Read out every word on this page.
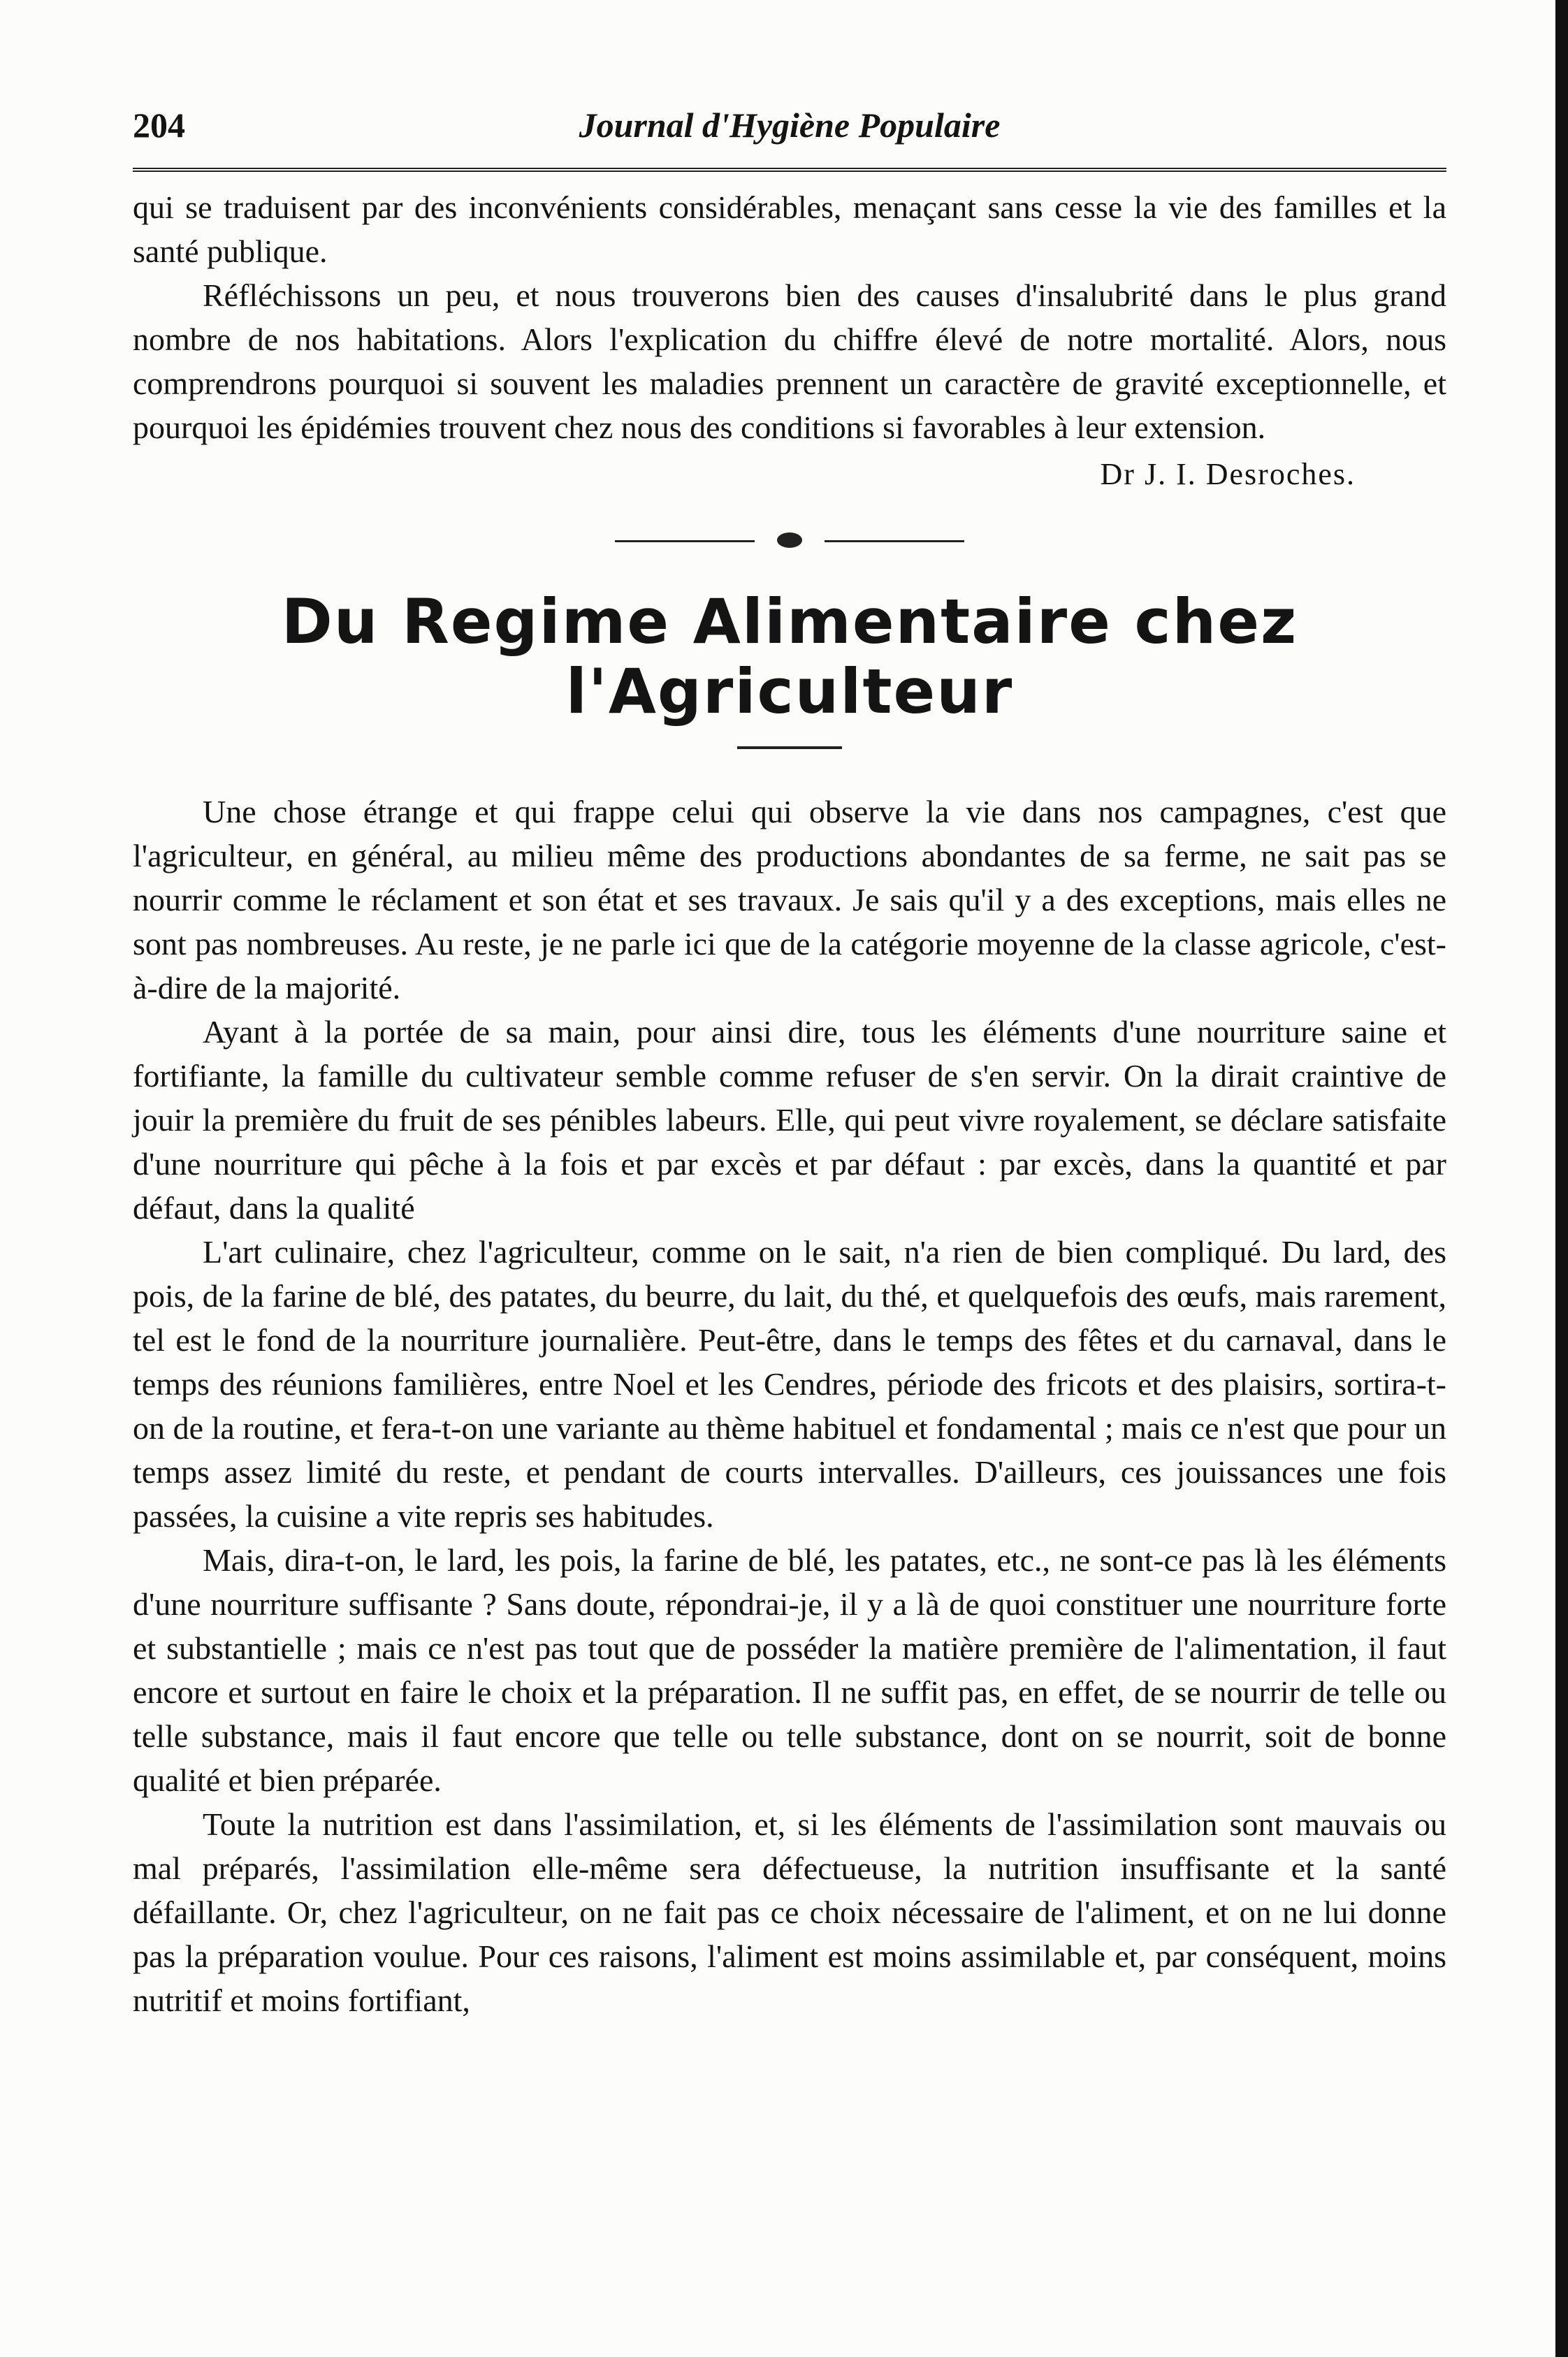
204	Journal d'Hygiène Populaire

qui se traduisent par des inconvénients considérables, menaçant sans cesse la vie des familles et la santé publique.

Réfléchissons un peu, et nous trouverons bien des causes d'insalubrité dans le plus grand nombre de nos habitations. Alors l'explication du chiffre élevé de notre mortalité. Alors, nous comprendrons pourquoi si souvent les maladies prennent un caractère de gravité exceptionnelle, et pourquoi les épidémies trouvent chez nous des conditions si favorables à leur extension.

Dr J. I. Desroches.
Du Regime Alimentaire chez l'Agriculteur

Une chose étrange et qui frappe celui qui observe la vie dans nos campagnes, c'est que l'agriculteur, en général, au milieu même des productions abondantes de sa ferme, ne sait pas se nourrir comme le réclament et son état et ses travaux. Je sais qu'il y a des exceptions, mais elles ne sont pas nombreuses. Au reste, je ne parle ici que de la catégorie moyenne de la classe agricole, c'est-à-dire de la majorité.

Ayant à la portée de sa main, pour ainsi dire, tous les éléments d'une nourriture saine et fortifiante, la famille du cultivateur semble comme refuser de s'en servir. On la dirait craintive de jouir la première du fruit de ses pénibles labeurs. Elle, qui peut vivre royalement, se déclare satisfaite d'une nourriture qui pêche à la fois et par excès et par défaut : par excès, dans la quantité et par défaut, dans la qualité

L'art culinaire, chez l'agriculteur, comme on le sait, n'a rien de bien compliqué. Du lard, des pois, de la farine de blé, des patates, du beurre, du lait, du thé, et quelquefois des œufs, mais rarement, tel est le fond de la nourriture journalière. Peut-être, dans le temps des fêtes et du carnaval, dans le temps des réunions familières, entre Noel et les Cendres, période des fricots et des plaisirs, sortira-t-on de la routine, et fera-t-on une variante au thème habituel et fondamental ; mais ce n'est que pour un temps assez limité du reste, et pendant de courts intervalles. D'ailleurs, ces jouissances une fois passées, la cuisine a vite repris ses habitudes.

Mais, dira-t-on, le lard, les pois, la farine de blé, les patates, etc., ne sont-ce pas là les éléments d'une nourriture suffisante ? Sans doute, répondrai-je, il y a là de quoi constituer une nourriture forte et substantielle ; mais ce n'est pas tout que de posséder la matière première de l'alimentation, il faut encore et surtout en faire le choix et la préparation. Il ne suffit pas, en effet, de se nourrir de telle ou telle substance, mais il faut encore que telle ou telle substance, dont on se nourrit, soit de bonne qualité et bien préparée.

Toute la nutrition est dans l'assimilation, et, si les éléments de l'assimilation sont mauvais ou mal préparés, l'assimilation elle-même sera défectueuse, la nutrition insuffisante et la santé défaillante. Or, chez l'agriculteur, on ne fait pas ce choix nécessaire de l'aliment, et on ne lui donne pas la préparation voulue. Pour ces raisons, l'aliment est moins assimilable et, par conséquent, moins nutritif et moins fortifiant,
